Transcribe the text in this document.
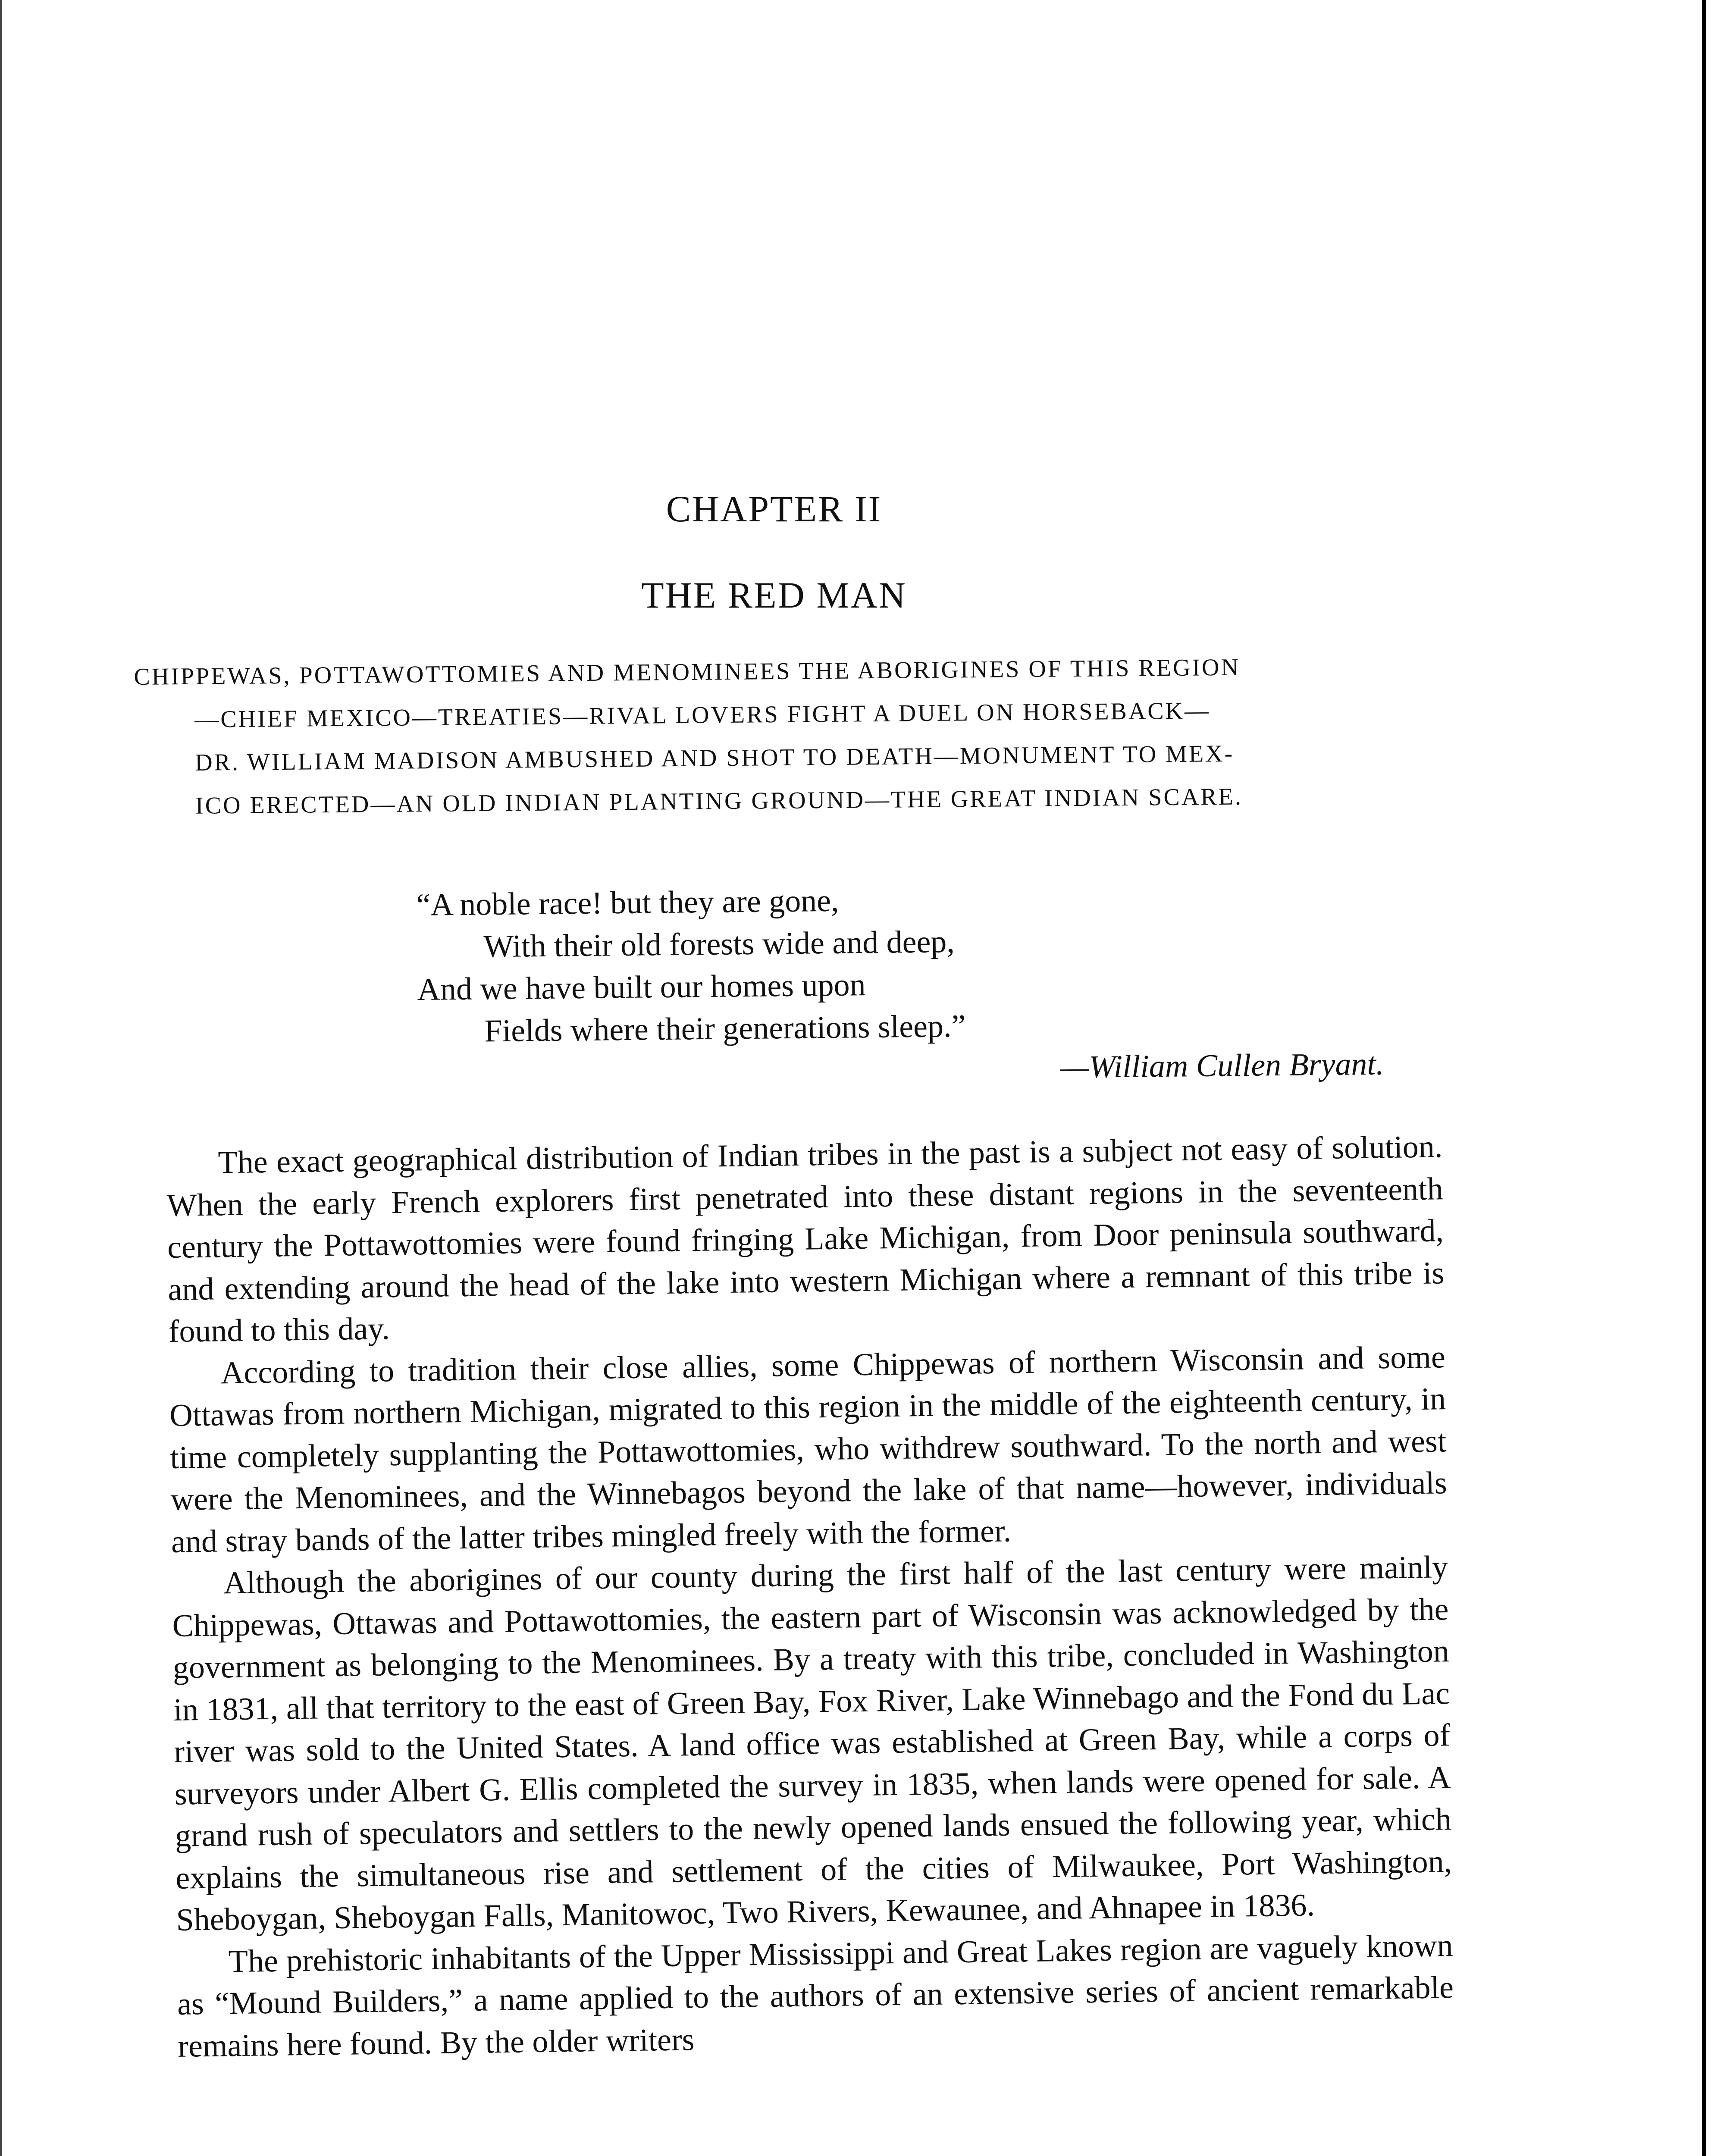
CHAPTER II
THE RED MAN
CHIPPEWAS, POTTAWOTTOMIES AND MENOMINEES THE ABORIGINES OF THIS REGION
—CHIEF MEXICO—TREATIES—RIVAL LOVERS FIGHT A DUEL ON HORSEBACK—
DR. WILLIAM MADISON AMBUSHED AND SHOT TO DEATH—MONUMENT TO MEX-
ICO ERECTED—AN OLD INDIAN PLANTING GROUND—THE GREAT INDIAN SCARE.
“A noble race! but they are gone,
With their old forests wide and deep,
And we have built our homes upon
Fields where their generations sleep.”
—William Cullen Bryant.

The exact geographical distribution of Indian tribes in the past is a subject not easy of solution. When the early French explorers first penetrated into these distant regions in the seventeenth century the Pottawottomies were found fringing Lake Michigan, from Door peninsula southward, and extending around the head of the lake into western Michigan where a remnant of this tribe is found to this day.

According to tradition their close allies, some Chippewas of northern Wisconsin and some Ottawas from northern Michigan, migrated to this region in the middle of the eighteenth century, in time completely supplanting the Pottawottomies, who withdrew southward. To the north and west were the Menominees, and the Winnebagos beyond the lake of that name—however, individuals and stray bands of the latter tribes mingled freely with the former.

Although the aborigines of our county during the first half of the last century were mainly Chippewas, Ottawas and Pottawottomies, the eastern part of Wisconsin was acknowledged by the government as belonging to the Menominees. By a treaty with this tribe, concluded in Washington in 1831, all that territory to the east of Green Bay, Fox River, Lake Winnebago and the Fond du Lac river was sold to the United States. A land office was established at Green Bay, while a corps of surveyors under Albert G. Ellis completed the survey in 1835, when lands were opened for sale. A grand rush of speculators and settlers to the newly opened lands ensued the following year, which explains the simultaneous rise and settlement of the cities of Milwaukee, Port Washington, Sheboygan, Sheboygan Falls, Manitowoc, Two Rivers, Kewaunee, and Ahnapee in 1836.

The prehistoric inhabitants of the Upper Mississippi and Great Lakes region are vaguely known as “Mound Builders,” a name applied to the authors of an extensive series of ancient remarkable remains here found. By the older writers
